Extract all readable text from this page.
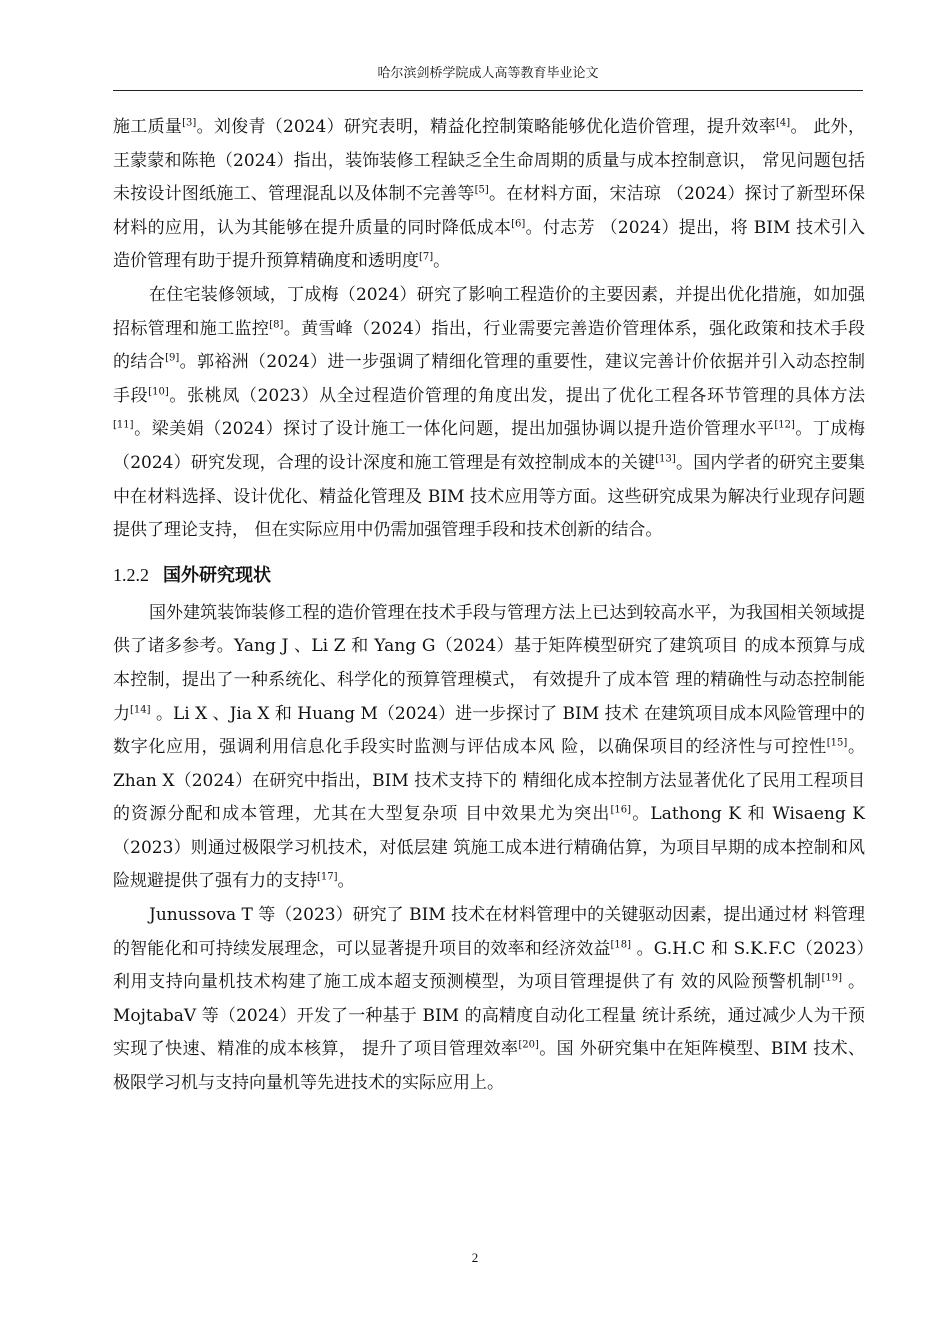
哈尔滨剑桥学院成人高等教育毕业论文

施工质量[3]。刘俊青（2024）研究表明，精益化控制策略能够优化造价管理，提升效率[4]。 此外，王蒙蒙和陈艳（2024）指出，装饰装修工程缺乏全生命周期的质量与成本控制意识， 常见问题包括未按设计图纸施工、管理混乱以及体制不完善等[5]。在材料方面，宋洁琼 （2024）探讨了新型环保材料的应用，认为其能够在提升质量的同时降低成本[6]。付志芳 （2024）提出，将 BIM 技术引入造价管理有助于提升预算精确度和透明度[7]。

在住宅装修领域，丁成梅（2024）研究了影响工程造价的主要因素，并提出优化措施，如加强招标管理和施工监控[8]。黄雪峰（2024）指出，行业需要完善造价管理体系，强化政策和技术手段的结合[9]。郭裕洲（2024）进一步强调了精细化管理的重要性，建议完善计价依据并引入动态控制手段[10]。张桃凤（2023）从全过程造价管理的角度出发，提出了优化工程各环节管理的具体方法[11]。梁美娟（2024）探讨了设计施工一体化问题，提出加强协调以提升造价管理水平[12]。丁成梅（2024）研究发现，合理的设计深度和施工管理是有效控制成本的关键[13]。国内学者的研究主要集中在材料选择、设计优化、精益化管理及 BIM 技术应用等方面。这些研究成果为解决行业现存问题提供了理论支持， 但在实际应用中仍需加强管理手段和技术创新的结合。

1.2.2 国外研究现状

国外建筑装饰装修工程的造价管理在技术手段与管理方法上已达到较高水平，为我国相关领域提供了诸多参考。Yang J 、Li Z 和 Yang G（2024）基于矩阵模型研究了建筑项目 的成本预算与成本控制，提出了一种系统化、科学化的预算管理模式， 有效提升了成本管 理的精确性与动态控制能力[14] 。Li X 、Jia X 和 Huang M（2024）进一步探讨了 BIM 技术 在建筑项目成本风险管理中的数字化应用，强调利用信息化手段实时监测与评估成本风 险，以确保项目的经济性与可控性[15]。Zhan X（2024）在研究中指出，BIM 技术支持下的 精细化成本控制方法显著优化了民用工程项目的资源分配和成本管理，尤其在大型复杂项 目中效果尤为突出[16]。Lathong K 和 Wisaeng K（2023）则通过极限学习机技术，对低层建 筑施工成本进行精确估算，为项目早期的成本控制和风险规避提供了强有力的支持[17]。

Junussova T 等（2023）研究了 BIM 技术在材料管理中的关键驱动因素，提出通过材 料管理的智能化和可持续发展理念，可以显著提升项目的效率和经济效益[18] 。G.H.C 和 S.K.F.C（2023）利用支持向量机技术构建了施工成本超支预测模型，为项目管理提供了有 效的风险预警机制[19] 。MojtabaV 等（2024）开发了一种基于 BIM 的高精度自动化工程量 统计系统，通过减少人为干预实现了快速、精准的成本核算， 提升了项目管理效率[20]。国 外研究集中在矩阵模型、BIM 技术、极限学习机与支持向量机等先进技术的实际应用上。

2
